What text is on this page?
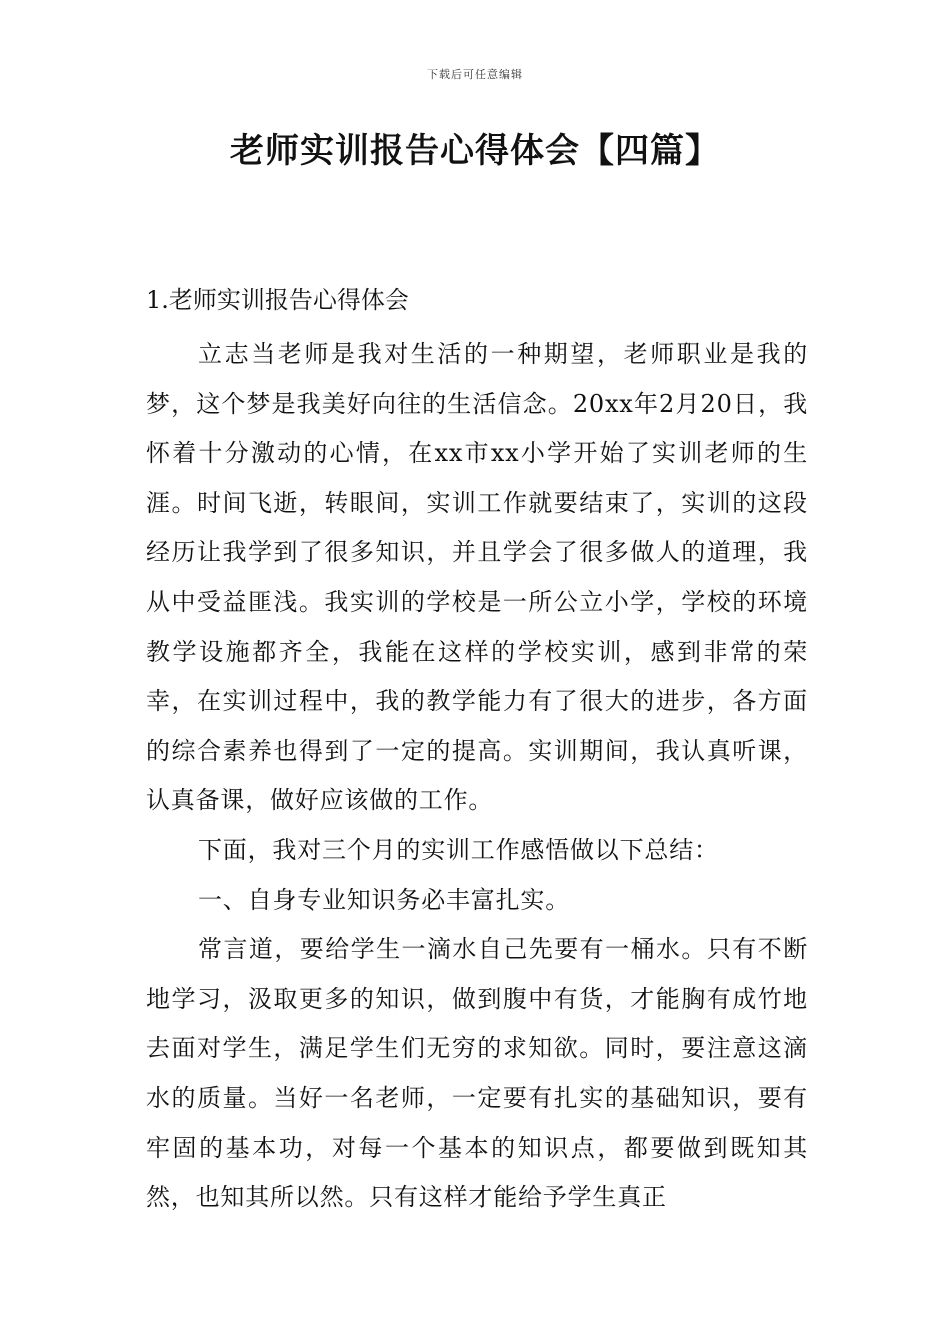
下载后可任意编辑
老师实训报告心得体会【四篇】
1.老师实训报告心得体会

立志当老师是我对生活的一种期望，老师职业是我的梦，这个梦是我美好向往的生活信念。20xx年2月20日，我怀着十分激动的心情，在xx市xx小学开始了实训老师的生涯。时间飞逝，转眼间，实训工作就要结束了，实训的这段经历让我学到了很多知识，并且学会了很多做人的道理，我从中受益匪浅。我实训的学校是一所公立小学，学校的环境教学设施都齐全，我能在这样的学校实训，感到非常的荣幸，在实训过程中，我的教学能力有了很大的进步，各方面的综合素养也得到了一定的提高。实训期间，我认真听课，认真备课，做好应该做的工作。

下面，我对三个月的实训工作感悟做以下总结：

一、自身专业知识务必丰富扎实。

常言道，要给学生一滴水自己先要有一桶水。只有不断地学习，汲取更多的知识，做到腹中有货，才能胸有成竹地去面对学生，满足学生们无穷的求知欲。同时，要注意这滴水的质量。当好一名老师，一定要有扎实的基础知识，要有牢固的基本功，对每一个基本的知识点，都要做到既知其然，也知其所以然。只有这样才能给予学生真正
